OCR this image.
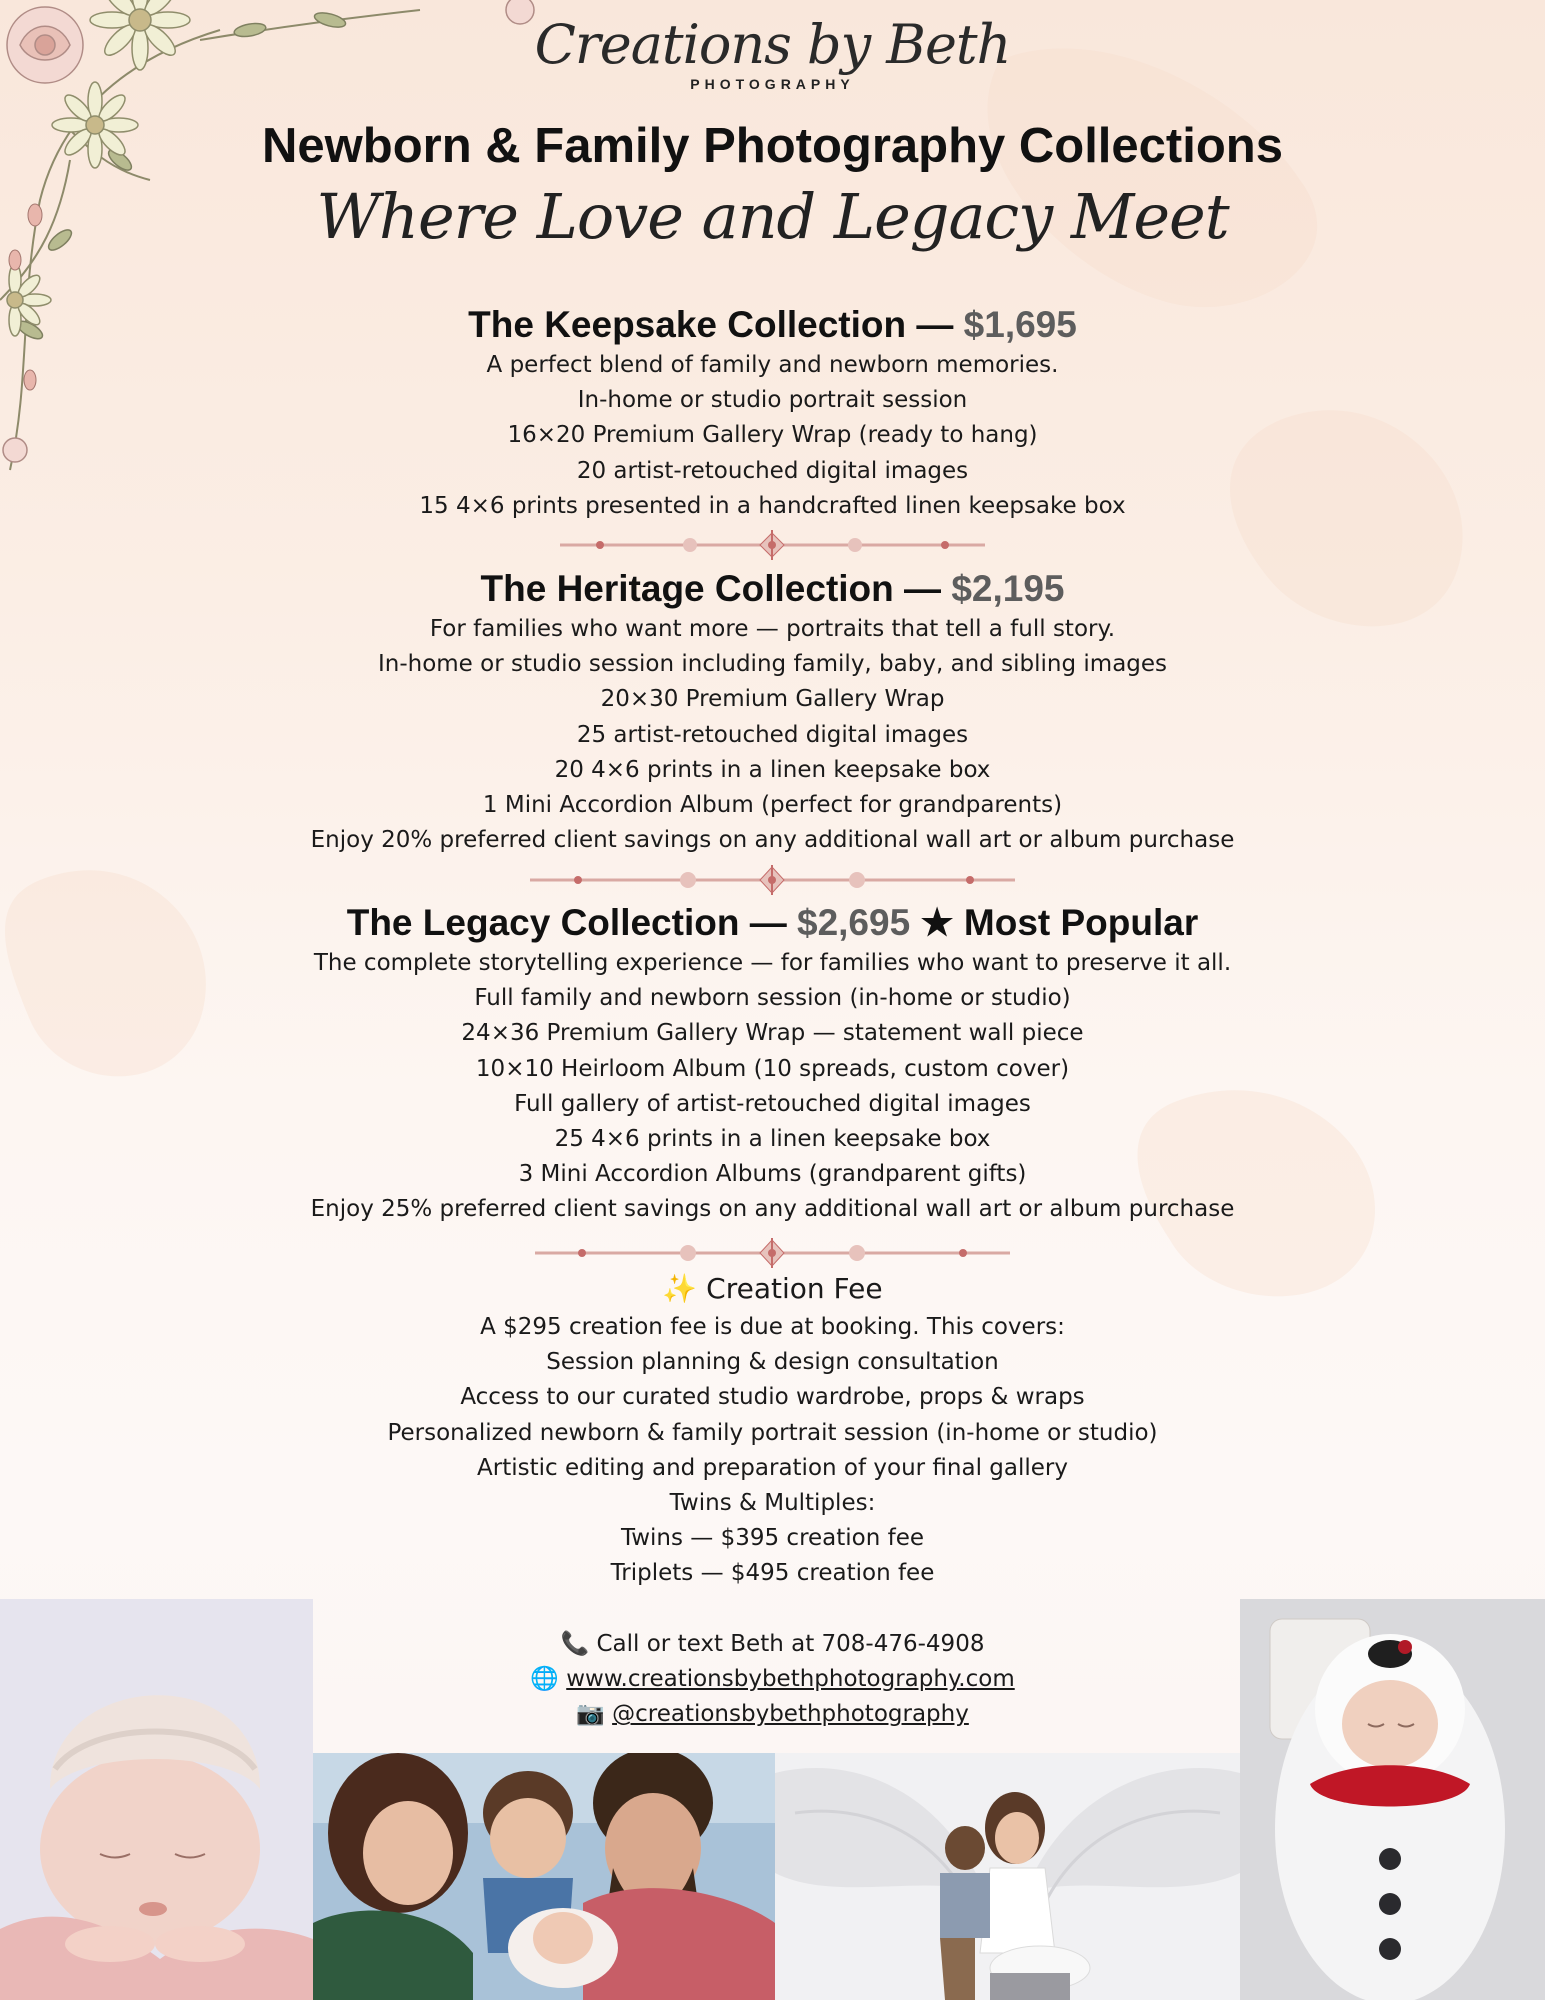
Creations by Beth
PHOTOGRAPHY
Newborn & Family Photography Collections
Where Love and Legacy Meet
The Keepsake Collection — $1,695
A perfect blend of family and newborn memories.
In-home or studio portrait session
16×20 Premium Gallery Wrap (ready to hang)
20 artist-retouched digital images
15 4×6 prints presented in a handcrafted linen keepsake box
The Heritage Collection — $2,195
For families who want more — portraits that tell a full story.
In-home or studio session including family, baby, and sibling images
20×30 Premium Gallery Wrap
25 artist-retouched digital images
20 4×6 prints in a linen keepsake box
1 Mini Accordion Album (perfect for grandparents)
Enjoy 20% preferred client savings on any additional wall art or album purchase
The Legacy Collection — $2,695 ★ Most Popular
The complete storytelling experience — for families who want to preserve it all.
Full family and newborn session (in-home or studio)
24×36 Premium Gallery Wrap — statement wall piece
10×10 Heirloom Album (10 spreads, custom cover)
Full gallery of artist-retouched digital images
25 4×6 prints in a linen keepsake box
3 Mini Accordion Albums (grandparent gifts)
Enjoy 25% preferred client savings on any additional wall art or album purchase
✨ Creation Fee
A $295 creation fee is due at booking. This covers:
Session planning & design consultation
Access to our curated studio wardrobe, props & wraps
Personalized newborn & family portrait session (in-home or studio)
Artistic editing and preparation of your final gallery
Twins & Multiples:
Twins — $395 creation fee
Triplets — $495 creation fee
📞 Call or text Beth at 708-476-4908
🌐 www.creationsbybethphotography.com
📷 @creationsbybethphotography
